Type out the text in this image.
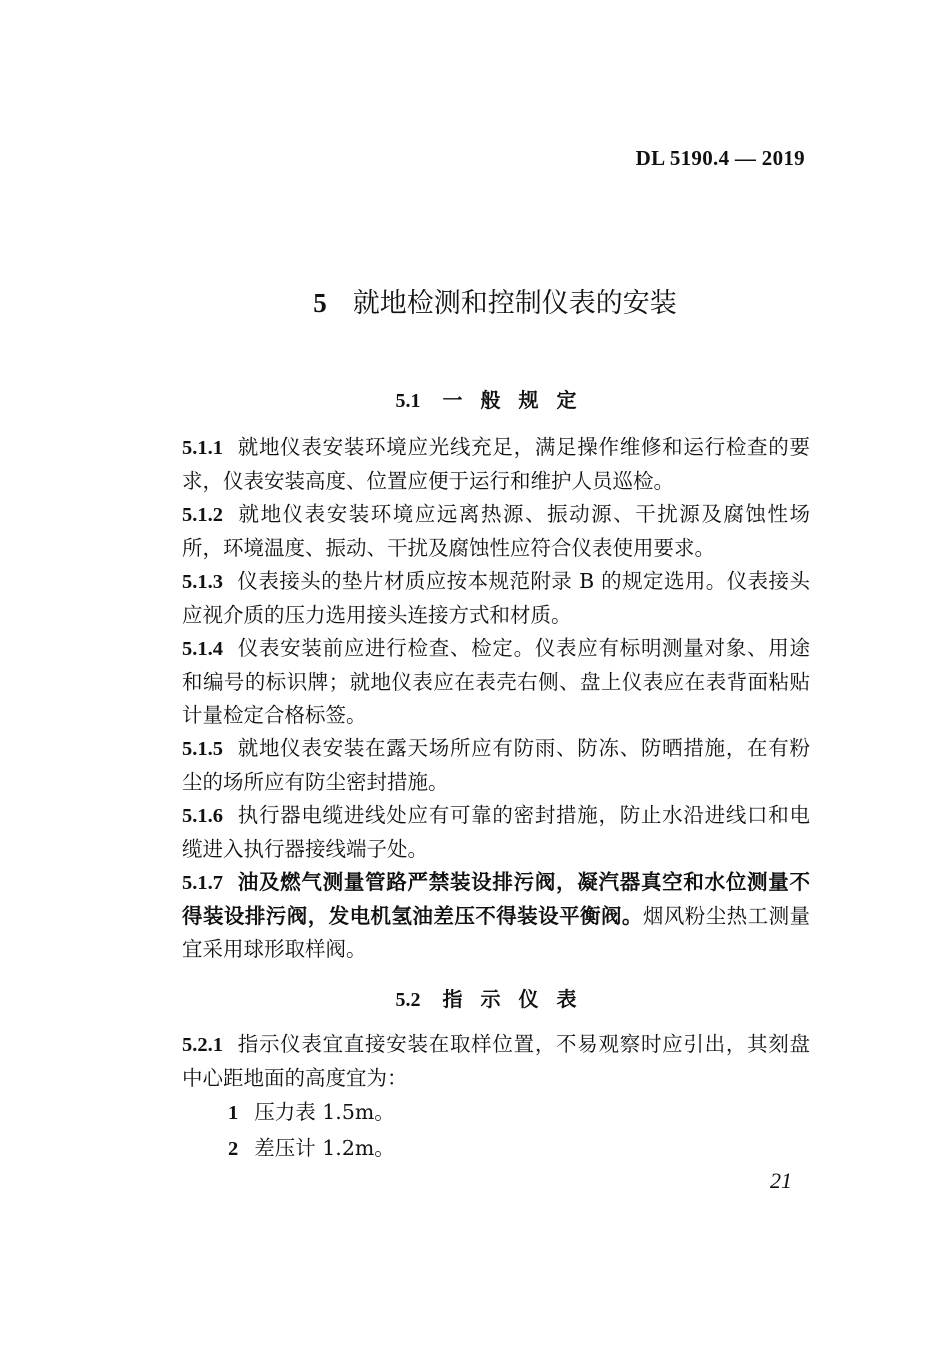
DL 5190.4 — 2019
5 就地检测和控制仪表的安装
5.1 一般规定

5.1.1 就地仪表安装环境应光线充足，满足操作维修和运行检查的要求，仪表安装高度、位置应便于运行和维护人员巡检。

5.1.2 就地仪表安装环境应远离热源、振动源、干扰源及腐蚀性场所，环境温度、振动、干扰及腐蚀性应符合仪表使用要求。

5.1.3 仪表接头的垫片材质应按本规范附录 B 的规定选用。仪表接头应视介质的压力选用接头连接方式和材质。

5.1.4 仪表安装前应进行检查、检定。仪表应有标明测量对象、用途和编号的标识牌；就地仪表应在表壳右侧、盘上仪表应在表背面粘贴计量检定合格标签。

5.1.5 就地仪表安装在露天场所应有防雨、防冻、防晒措施，在有粉尘的场所应有防尘密封措施。

5.1.6 执行器电缆进线处应有可靠的密封措施，防止水沿进线口和电缆进入执行器接线端子处。

5.1.7 油及燃气测量管路严禁装设排污阀，凝汽器真空和水位测量不得装设排污阀，发电机氢油差压不得装设平衡阀。烟风粉尘热工测量宜采用球形取样阀。

5.2 指示仪表

5.2.1 指示仪表宜直接安装在取样位置，不易观察时应引出，其刻盘中心距地面的高度宜为：

1 压力表 1.5m。

2 差压计 1.2m。

21
